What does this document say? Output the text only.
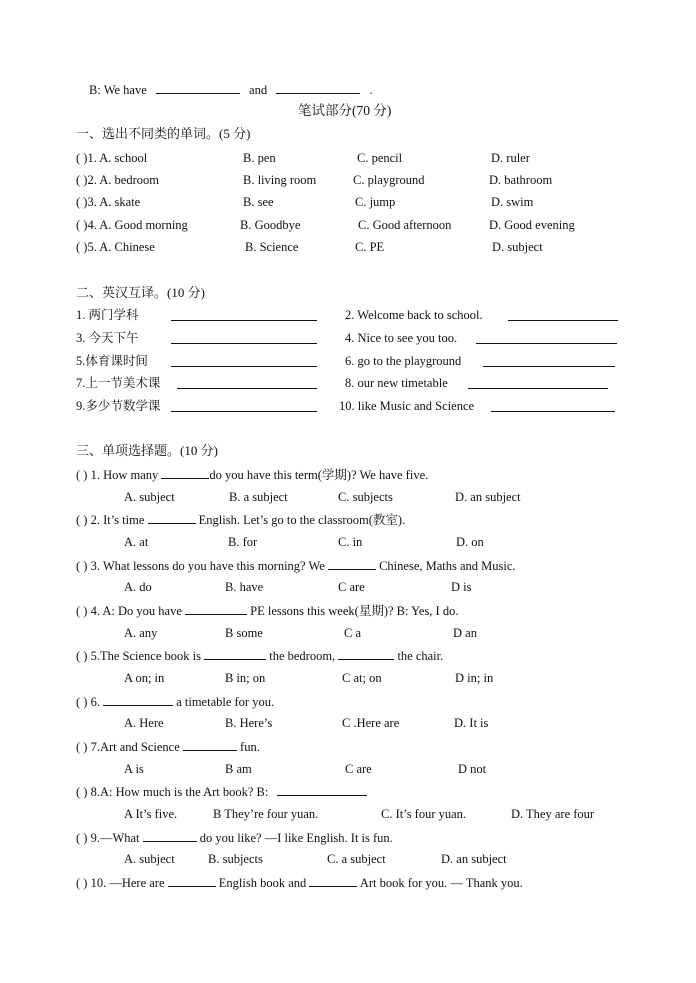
B: We have	and	.
笔试部分(70 分)
一、选出不同类的单词。(5 分)
( )1. A. school	B. pen	C. pencil	D. ruler
( )2. A. bedroom	B. living room	C. playground	D. bathroom
( )3. A. skate	B. see	C. jump	D. swim
( )4. A. Good morning	B. Goodbye	C. Good afternoon	D. Good evening
( )5. A. Chinese	B. Science	C. PE	D. subject
二、英汉互译。(10 分)
1. 两门学科	2. Welcome back to school.
3. 今天下午	4. Nice to see you too.
5.体育课时间	6. go to the playground
7.上一节美术课	8. our new timetable
9.多少节数学课	10. like Music and Science
三、单项选择题。(10 分)
( ) 1. How many	do you have this term(学期)? We have five.
A. subject	B. a subject	C. subjects	D. an subject
( ) 2. It’s time	English. Let’s go to the classroom(教室).
A. at	B. for	C. in	D. on
( ) 3. What lessons do you have this morning? We	Chinese, Maths and Music.
A. do	B. have	C are	D is
( ) 4. A: Do you have	PE lessons this week(星期)? B: Yes, I do.
A. any	B some	C a	D an
( ) 5.The Science book is	the bedroom,	the chair.
A on; in	B in; on	C at; on	D in; in
( ) 6.	a timetable for you.
A. Here	B. Here’s	C .Here are	D. It is
( ) 7.Art and Science	fun.
A is	B am	C are	D not
( ) 8.A: How much is the Art book? B:
A It’s five.	B They’re four yuan.	C. It’s four yuan.	D. They are four
( ) 9.—What	do you like? —I like English. It is fun.
A. subject	B. subjects	C. a subject	D. an subject
( ) 10. —Here are	English book and	Art book for you. — Thank you.
